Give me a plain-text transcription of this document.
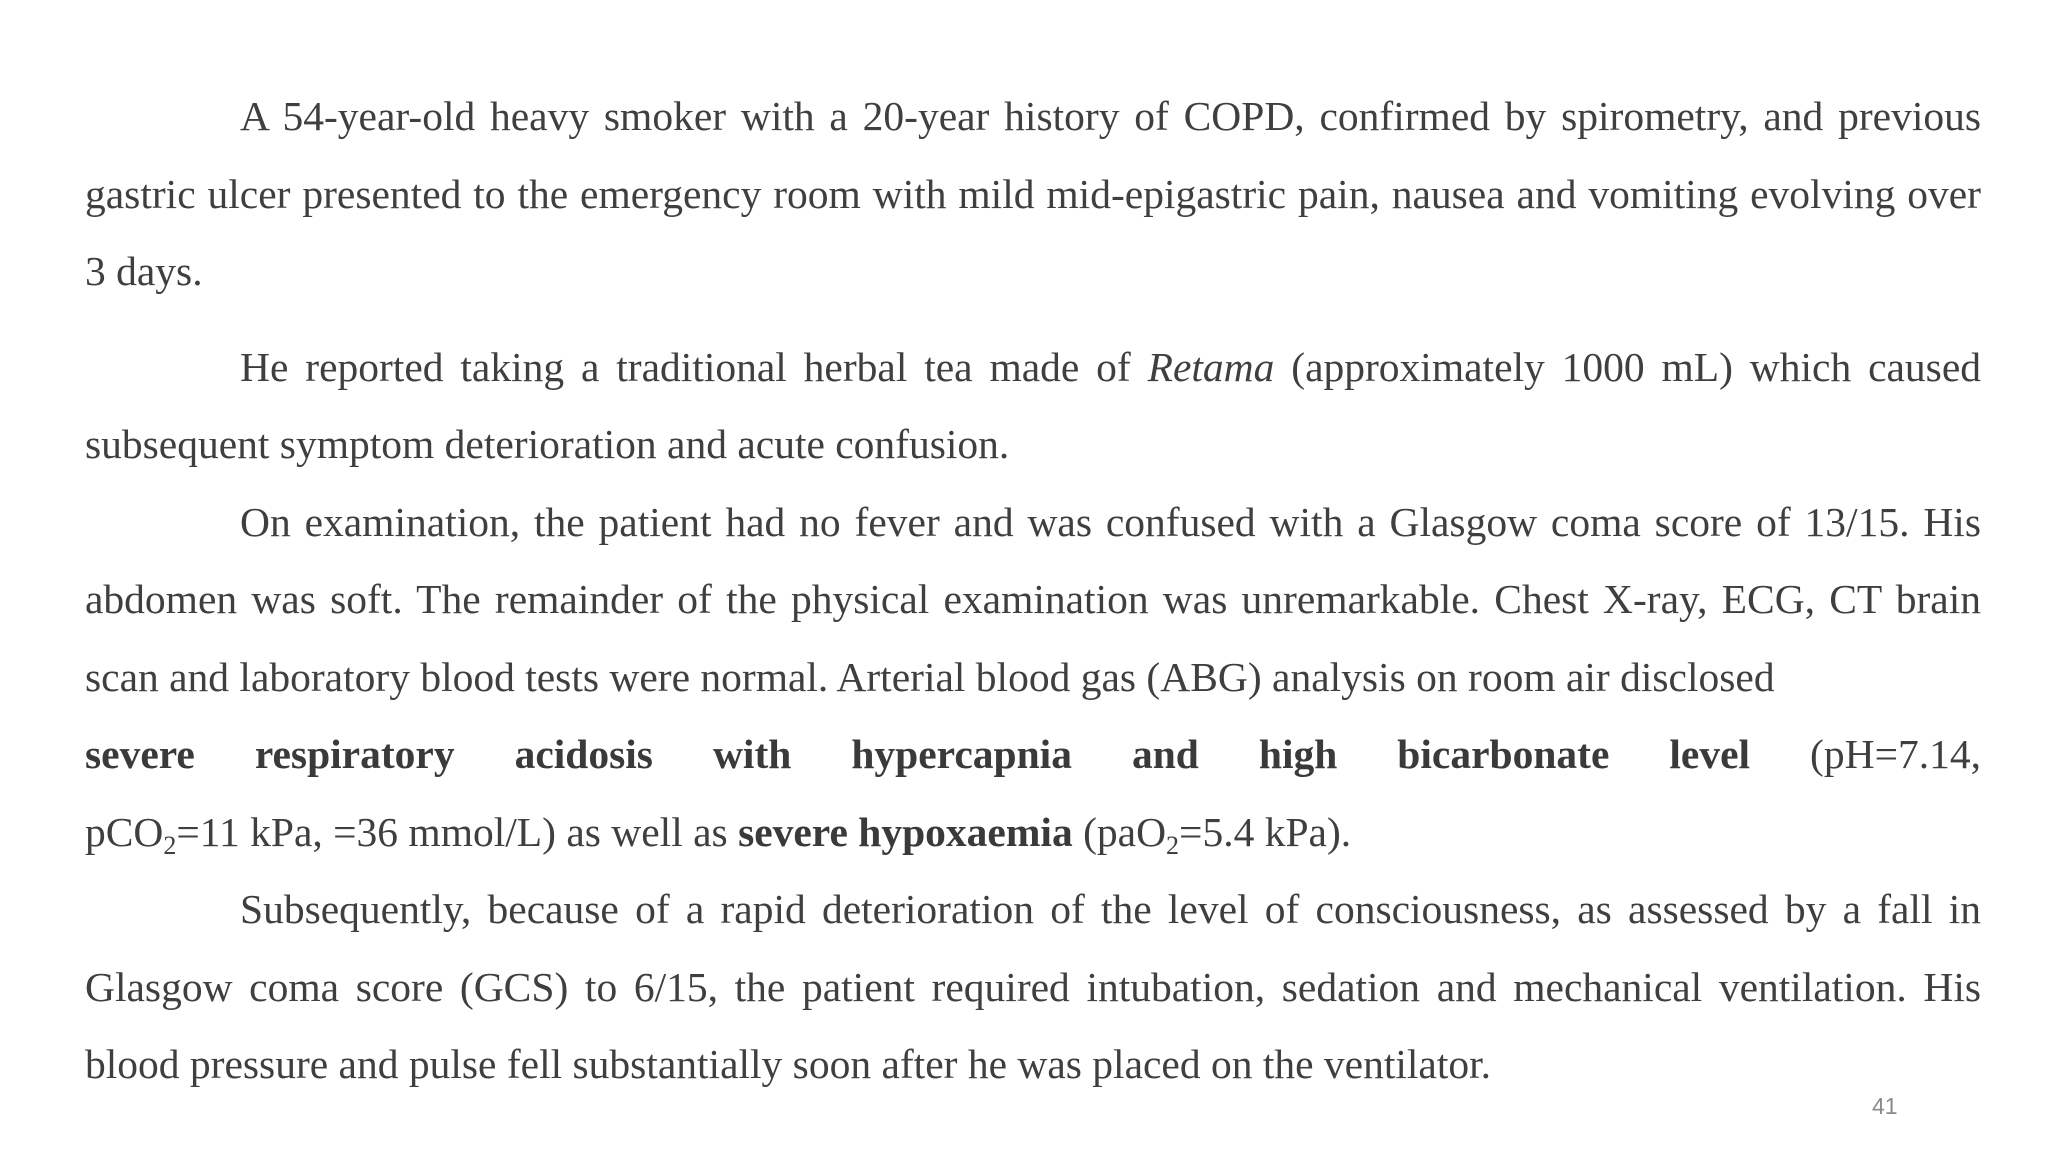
A 54-year-old heavy smoker with a 20-year history of COPD, confirmed by spirometry, and previous gastric ulcer presented to the emergency room with mild mid-epigastric pain, nausea and vomiting evolving over 3 days.

He reported taking a traditional herbal tea made of Retama (approximately 1000 mL) which caused subsequent symptom deterioration and acute confusion.

On examination, the patient had no fever and was confused with a Glasgow coma score of 13/15. His abdomen was soft. The remainder of the physical examination was unremarkable. Chest X-ray, ECG, CT brain scan and laboratory blood tests were normal. Arterial blood gas (ABG) analysis on room air disclosed
severe respiratory acidosis with hypercapnia and high bicarbonate level (pH=7.14,
pCO$_2$=11 kPa, =36 mmol/L) as well as severe hypoxaemia (paO$_2$=5.4 kPa).

Subsequently, because of a rapid deterioration of the level of consciousness, as assessed by a fall in Glasgow coma score (GCS) to 6/15, the patient required intubation, sedation and mechanical ventilation. His blood pressure and pulse fell substantially soon after he was placed on the ventilator.

41
